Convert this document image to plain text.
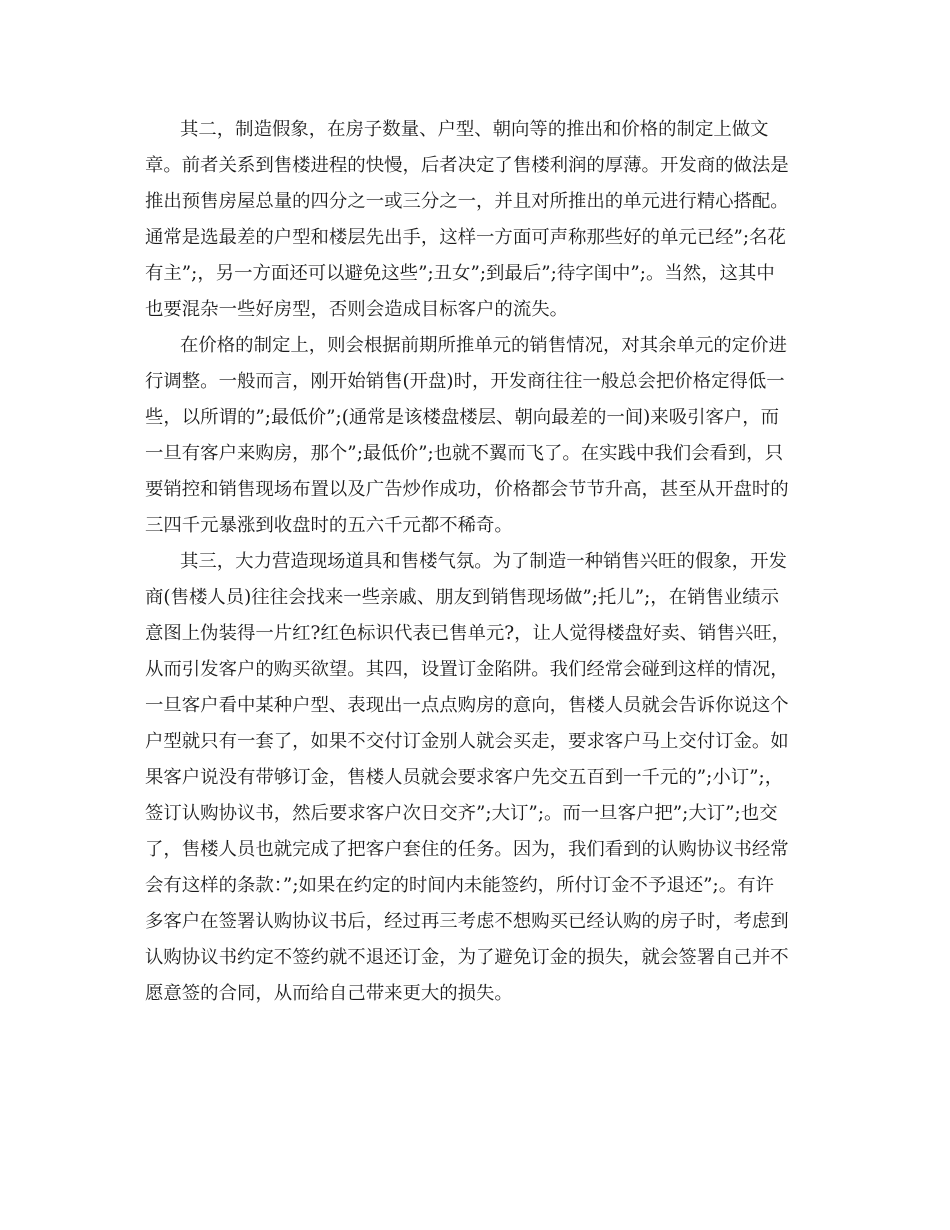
其二，制造假象，在房子数量、户型、朝向等的推出和价格的制定上做文
章。前者关系到售楼进程的快慢，后者决定了售楼利润的厚薄。开发商的做法是
推出预售房屋总量的四分之一或三分之一，并且对所推出的单元进行精心搭配。
通常是选最差的户型和楼层先出手，这样一方面可声称那些好的单元已经”;名花
有主”;，另一方面还可以避免这些”;丑女”;到最后”;待字闺中”;。当然，这其中
也要混杂一些好房型，否则会造成目标客户的流失。
在价格的制定上，则会根据前期所推单元的销售情况，对其余单元的定价进
行调整。一般而言，刚开始销售(开盘)时，开发商往往一般总会把价格定得低一
些，以所谓的”;最低价”;(通常是该楼盘楼层、朝向最差的一间)来吸引客户，而
一旦有客户来购房，那个”;最低价”;也就不翼而飞了。在实践中我们会看到，只
要销控和销售现场布置以及广告炒作成功，价格都会节节升高，甚至从开盘时的
三四千元暴涨到收盘时的五六千元都不稀奇。
其三，大力营造现场道具和售楼气氛。为了制造一种销售兴旺的假象，开发
商(售楼人员)往往会找来一些亲戚、朋友到销售现场做”;托儿”;，在销售业绩示
意图上伪装得一片红?红色标识代表已售单元?，让人觉得楼盘好卖、销售兴旺，
从而引发客户的购买欲望。其四，设置订金陷阱。我们经常会碰到这样的情况，
一旦客户看中某种户型、表现出一点点购房的意向，售楼人员就会告诉你说这个
户型就只有一套了，如果不交付订金别人就会买走，要求客户马上交付订金。如
果客户说没有带够订金，售楼人员就会要求客户先交五百到一千元的”;小订”;，
签订认购协议书，然后要求客户次日交齐”;大订”;。而一旦客户把”;大订”;也交
了，售楼人员也就完成了把客户套住的任务。因为，我们看到的认购协议书经常
会有这样的条款：”;如果在约定的时间内未能签约，所付订金不予退还”;。有许
多客户在签署认购协议书后，经过再三考虑不想购买已经认购的房子时，考虑到
认购协议书约定不签约就不退还订金，为了避免订金的损失，就会签署自己并不
愿意签的合同，从而给自己带来更大的损失。
